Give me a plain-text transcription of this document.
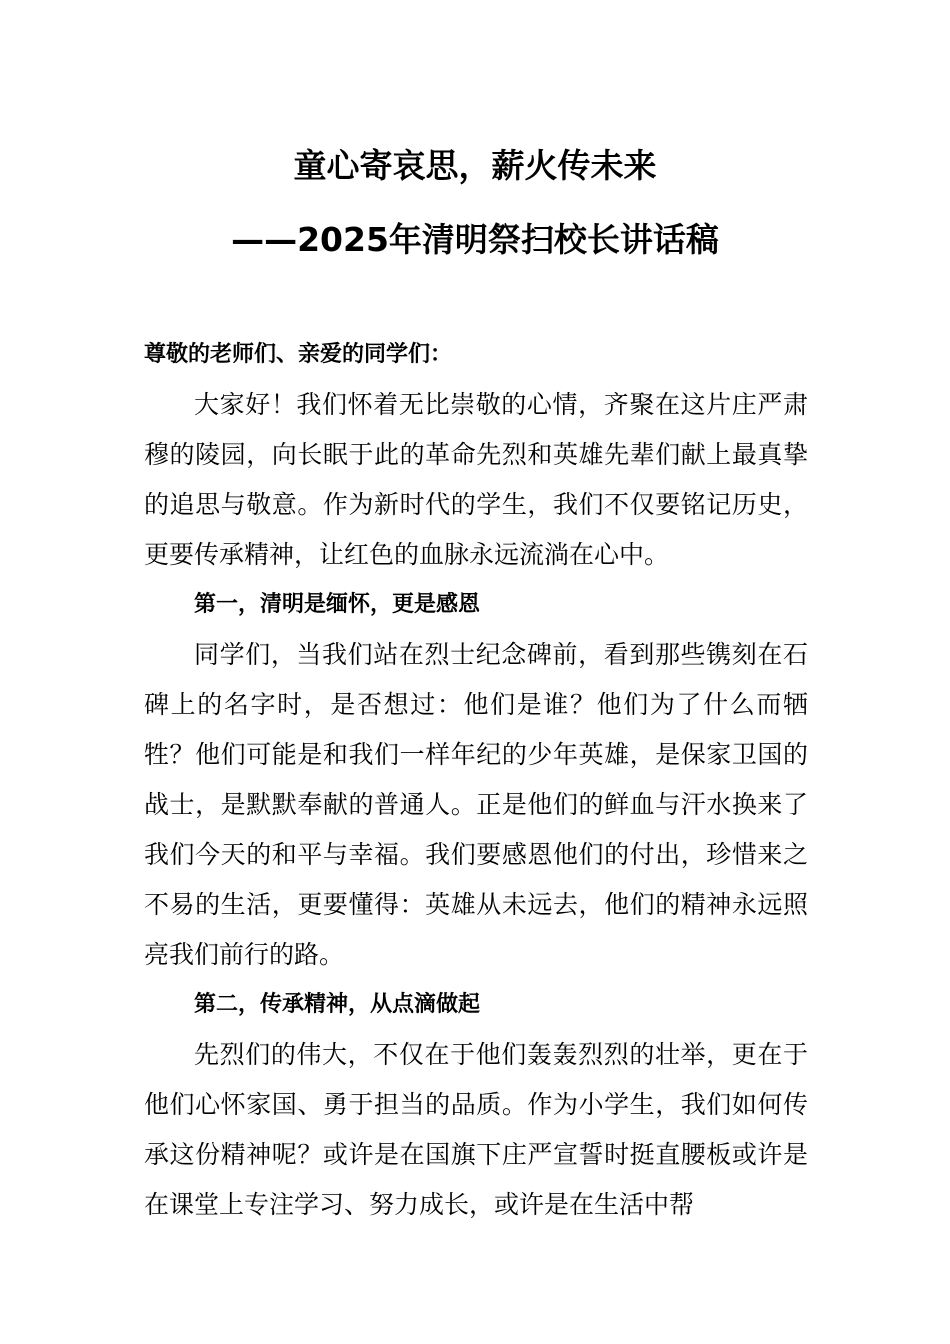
童心寄哀思，薪火传未来
——2025年清明祭扫校长讲话稿

尊敬的老师们、亲爱的同学们：

大家好！我们怀着无比崇敬的心情，齐聚在这片庄严肃穆的陵园，向长眠于此的革命先烈和英雄先辈们献上最真挚的追思与敬意。作为新时代的学生，我们不仅要铭记历史，更要传承精神，让红色的血脉永远流淌在心中。

第一，清明是缅怀，更是感恩

同学们，当我们站在烈士纪念碑前，看到那些镌刻在石碑上的名字时，是否想过：他们是谁？他们为了什么而牺牲？他们可能是和我们一样年纪的少年英雄，是保家卫国的战士，是默默奉献的普通人。正是他们的鲜血与汗水换来了我们今天的和平与幸福。我们要感恩他们的付出，珍惜来之不易的生活，更要懂得：英雄从未远去，他们的精神永远照亮我们前行的路。

第二，传承精神，从点滴做起

先烈们的伟大，不仅在于他们轰轰烈烈的壮举，更在于他们心怀家国、勇于担当的品质。作为小学生，我们如何传承这份精神呢？或许是在国旗下庄严宣誓时挺直腰板或许是在课堂上专注学习、努力成长，或许是在生活中帮
